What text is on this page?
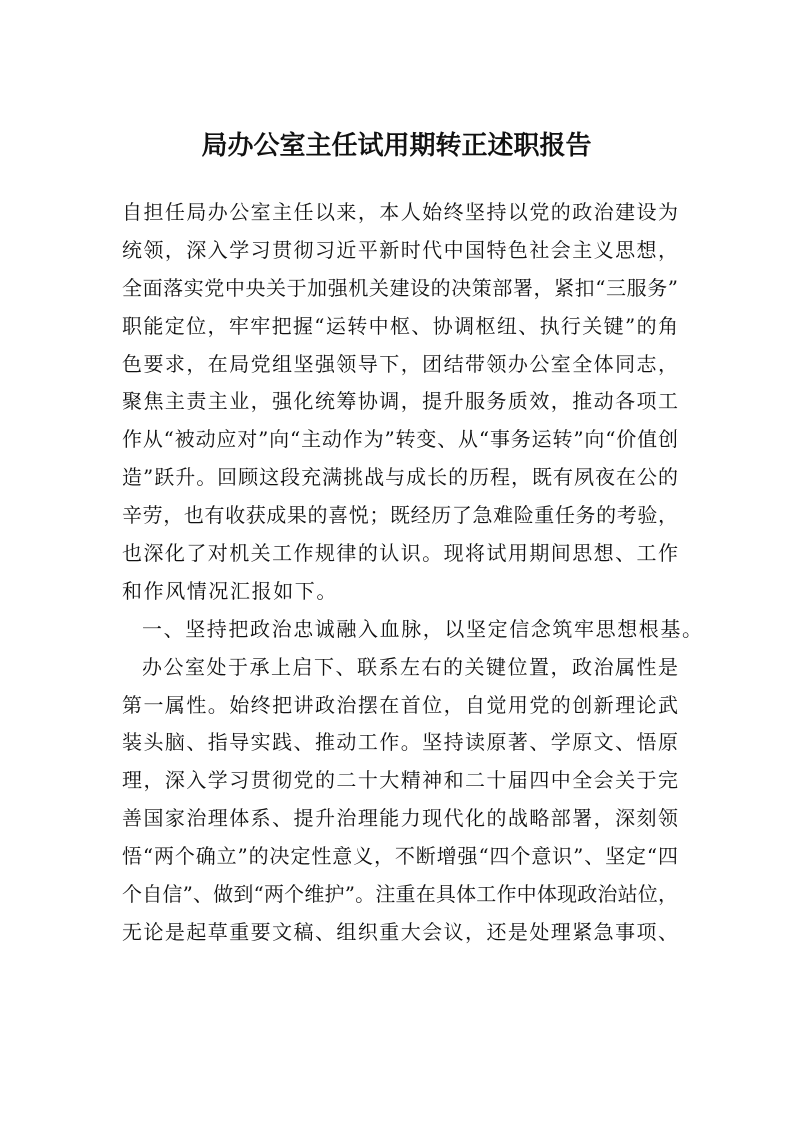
局办公室主任试用期转正述职报告
自担任局办公室主任以来，本人始终坚持以党的政治建设为
统领，深入学习贯彻习近平新时代中国特色社会主义思想，
全面落实党中央关于加强机关建设的决策部署，紧扣“三服务”
职能定位，牢牢把握“运转中枢、协调枢纽、执行关键”的角
色要求，在局党组坚强领导下，团结带领办公室全体同志，
聚焦主责主业，强化统筹协调，提升服务质效，推动各项工
作从“被动应对”向“主动作为”转变、从“事务运转”向“价值创
造”跃升。回顾这段充满挑战与成长的历程，既有夙夜在公的
辛劳，也有收获成果的喜悦；既经历了急难险重任务的考验，
也深化了对机关工作规律的认识。现将试用期间思想、工作
和作风情况汇报如下。
一、坚持把政治忠诚融入血脉，以坚定信念筑牢思想根基。
办公室处于承上启下、联系左右的关键位置，政治属性是
第一属性。始终把讲政治摆在首位，自觉用党的创新理论武
装头脑、指导实践、推动工作。坚持读原著、学原文、悟原
理，深入学习贯彻党的二十大精神和二十届四中全会关于完
善国家治理体系、提升治理能力现代化的战略部署，深刻领
悟“两个确立”的决定性意义，不断增强“四个意识”、坚定“四
个自信”、做到“两个维护”。注重在具体工作中体现政治站位，
无论是起草重要文稿、组织重大会议，还是处理紧急事项、
